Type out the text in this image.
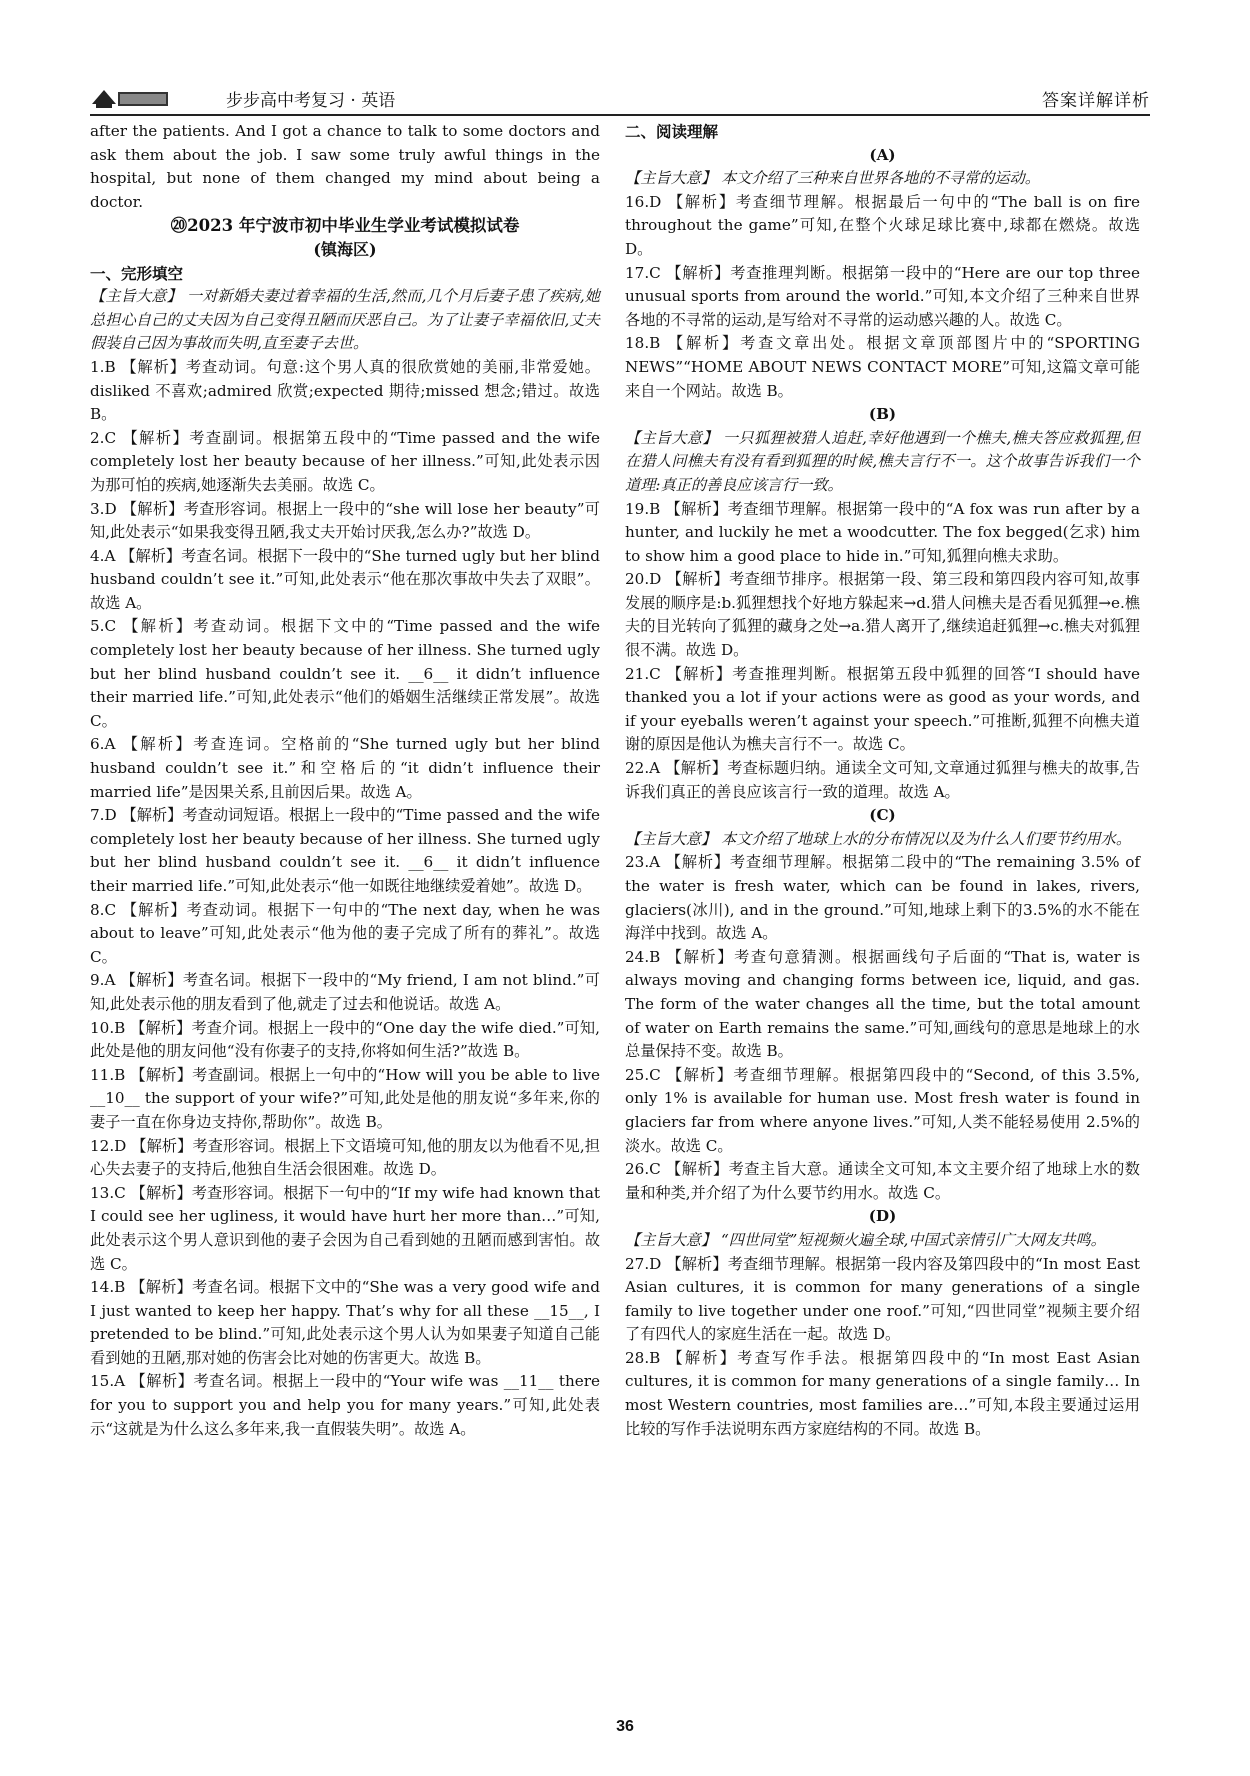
步步高中考复习 · 英语	答案详解详析

after the patients. And I got a chance to talk to some doctors and ask them about the job. I saw some truly awful things in the hospital, but none of them changed my mind about being a doctor.

⑳2023 年宁波市初中毕业生学业考试模拟试卷

(镇海区)

一、完形填空

【主旨大意】 一对新婚夫妻过着幸福的生活,然而,几个月后妻子患了疾病,她总担心自己的丈夫因为自己变得丑陋而厌恶自己。为了让妻子幸福依旧,丈夫假装自己因为事故而失明,直至妻子去世。

1.B 【解析】考查动词。句意:这个男人真的很欣赏她的美丽,非常爱她。disliked 不喜欢;admired 欣赏;expected 期待;missed 想念;错过。故选 B。

2.C 【解析】考查副词。根据第五段中的“Time passed and the wife completely lost her beauty because of her illness.”可知,此处表示因为那可怕的疾病,她逐渐失去美丽。故选 C。

3.D 【解析】考查形容词。根据上一段中的“she will lose her beauty”可知,此处表示“如果我变得丑陋,我丈夫开始讨厌我,怎么办?”故选 D。

4.A 【解析】考查名词。根据下一段中的“She turned ugly but her blind husband couldn’t see it.”可知,此处表示“他在那次事故中失去了双眼”。故选 A。

5.C 【解析】考查动词。根据下文中的“Time passed and the wife completely lost her beauty because of her illness. She turned ugly but her blind husband couldn’t see it. __6__ it didn’t influence their married life.”可知,此处表示“他们的婚姻生活继续正常发展”。故选 C。

6.A 【解析】考查连词。空格前的“She turned ugly but her blind husband couldn’t see it.”和空格后的“it didn’t influence their married life”是因果关系,且前因后果。故选 A。

7.D 【解析】考查动词短语。根据上一段中的“Time passed and the wife completely lost her beauty because of her illness. She turned ugly but her blind husband couldn’t see it. __6__ it didn’t influence their married life.”可知,此处表示“他一如既往地继续爱着她”。故选 D。

8.C 【解析】考查动词。根据下一句中的“The next day, when he was about to leave”可知,此处表示“他为他的妻子完成了所有的葬礼”。故选 C。

9.A 【解析】考查名词。根据下一段中的“My friend, I am not blind.”可知,此处表示他的朋友看到了他,就走了过去和他说话。故选 A。

10.B 【解析】考查介词。根据上一段中的“One day the wife died.”可知,此处是他的朋友问他“没有你妻子的支持,你将如何生活?”故选 B。

11.B 【解析】考查副词。根据上一句中的“How will you be able to live __10__ the support of your wife?”可知,此处是他的朋友说“多年来,你的妻子一直在你身边支持你,帮助你”。故选 B。

12.D 【解析】考查形容词。根据上下文语境可知,他的朋友以为他看不见,担心失去妻子的支持后,他独自生活会很困难。故选 D。

13.C 【解析】考查形容词。根据下一句中的“If my wife had known that I could see her ugliness, it would have hurt her more than…”可知,此处表示这个男人意识到他的妻子会因为自己看到她的丑陋而感到害怕。故选 C。

14.B 【解析】考查名词。根据下文中的“She was a very good wife and I just wanted to keep her happy. That’s why for all these __15__, I pretended to be blind.”可知,此处表示这个男人认为如果妻子知道自己能看到她的丑陋,那对她的伤害会比对她的伤害更大。故选 B。

15.A 【解析】考查名词。根据上一段中的“Your wife was __11__ there for you to support you and help you for many years.”可知,此处表示“这就是为什么这么多年来,我一直假装失明”。故选 A。

二、阅读理解

(A)

【主旨大意】 本文介绍了三种来自世界各地的不寻常的运动。

16.D 【解析】考查细节理解。根据最后一句中的“The ball is on fire throughout the game”可知,在整个火球足球比赛中,球都在燃烧。故选 D。

17.C 【解析】考查推理判断。根据第一段中的“Here are our top three unusual sports from around the world.”可知,本文介绍了三种来自世界各地的不寻常的运动,是写给对不寻常的运动感兴趣的人。故选 C。

18.B 【解析】考查文章出处。根据文章顶部图片中的“SPORTING NEWS”“HOME ABOUT NEWS CONTACT MORE”可知,这篇文章可能来自一个网站。故选 B。

(B)

【主旨大意】 一只狐狸被猎人追赶,幸好他遇到一个樵夫,樵夫答应救狐狸,但在猎人问樵夫有没有看到狐狸的时候,樵夫言行不一。这个故事告诉我们一个道理:真正的善良应该言行一致。

19.B 【解析】考查细节理解。根据第一段中的“A fox was run after by a hunter, and luckily he met a woodcutter. The fox begged(乞求) him to show him a good place to hide in.”可知,狐狸向樵夫求助。

20.D 【解析】考查细节排序。根据第一段、第三段和第四段内容可知,故事发展的顺序是:b.狐狸想找个好地方躲起来→d.猎人问樵夫是否看见狐狸→e.樵夫的目光转向了狐狸的藏身之处→a.猎人离开了,继续追赶狐狸→c.樵夫对狐狸很不满。故选 D。

21.C 【解析】考查推理判断。根据第五段中狐狸的回答“I should have thanked you a lot if your actions were as good as your words, and if your eyeballs weren’t against your speech.”可推断,狐狸不向樵夫道谢的原因是他认为樵夫言行不一。故选 C。

22.A 【解析】考查标题归纳。通读全文可知,文章通过狐狸与樵夫的故事,告诉我们真正的善良应该言行一致的道理。故选 A。

(C)

【主旨大意】 本文介绍了地球上水的分布情况以及为什么人们要节约用水。

23.A 【解析】考查细节理解。根据第二段中的“The remaining 3.5% of the water is fresh water, which can be found in lakes, rivers, glaciers(冰川), and in the ground.”可知,地球上剩下的3.5%的水不能在海洋中找到。故选 A。

24.B 【解析】考查句意猜测。根据画线句子后面的“That is, water is always moving and changing forms between ice, liquid, and gas. The form of the water changes all the time, but the total amount of water on Earth remains the same.”可知,画线句的意思是地球上的水总量保持不变。故选 B。

25.C 【解析】考查细节理解。根据第四段中的“Second, of this 3.5%, only 1% is available for human use. Most fresh water is found in glaciers far from where anyone lives.”可知,人类不能轻易使用 2.5%的淡水。故选 C。

26.C 【解析】考查主旨大意。通读全文可知,本文主要介绍了地球上水的数量和种类,并介绍了为什么要节约用水。故选 C。

(D)

【主旨大意】 “四世同堂”短视频火遍全球,中国式亲情引广大网友共鸣。

27.D 【解析】考查细节理解。根据第一段内容及第四段中的“In most East Asian cultures, it is common for many generations of a single family to live together under one roof.”可知,“四世同堂”视频主要介绍了有四代人的家庭生活在一起。故选 D。

28.B 【解析】考查写作手法。根据第四段中的“In most East Asian cultures, it is common for many generations of a single family… In most Western countries, most families are…”可知,本段主要通过运用比较的写作手法说明东西方家庭结构的不同。故选 B。

36
